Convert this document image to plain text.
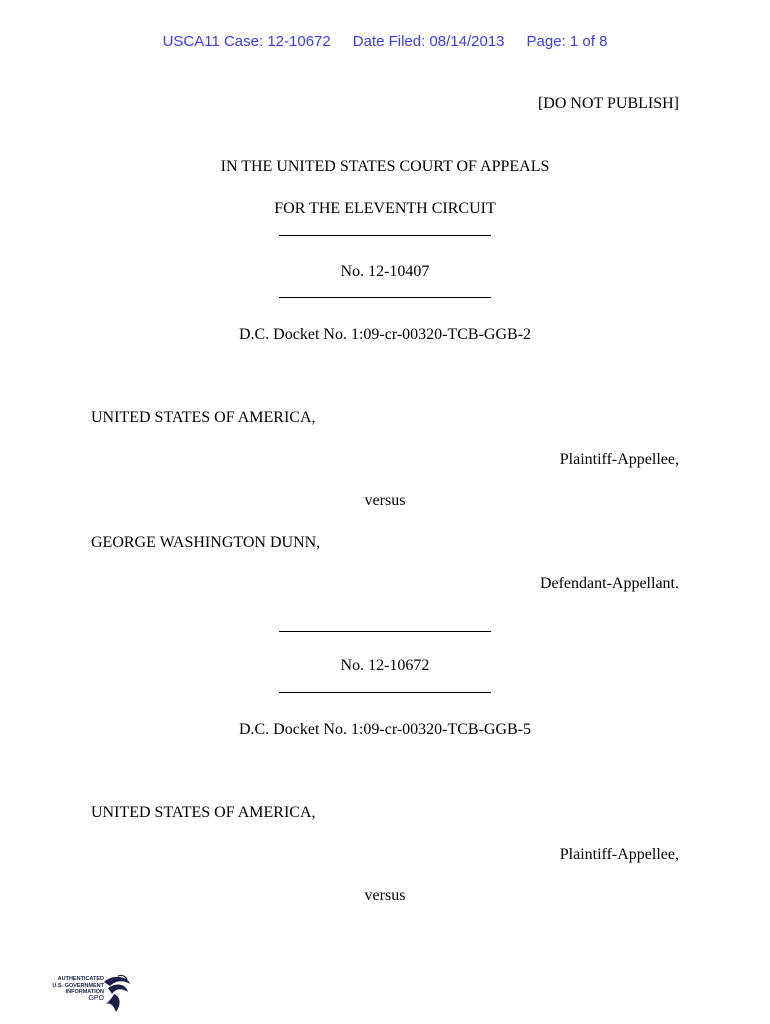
USCA11 Case: 12-10672 Date Filed: 08/14/2013 Page: 1 of 8
[DO NOT PUBLISH]
IN THE UNITED STATES COURT OF APPEALS
FOR THE ELEVENTH CIRCUIT
No. 12-10407
D.C. Docket No. 1:09-cr-00320-TCB-GGB-2
UNITED STATES OF AMERICA,
Plaintiff-Appellee,
versus
GEORGE WASHINGTON DUNN,
Defendant-Appellant.
No. 12-10672
D.C. Docket No. 1:09-cr-00320-TCB-GGB-5
UNITED STATES OF AMERICA,
Plaintiff-Appellee,
versus
AUTHENTICATED
U.S. GOVERNMENT
INFORMATION
GPO
